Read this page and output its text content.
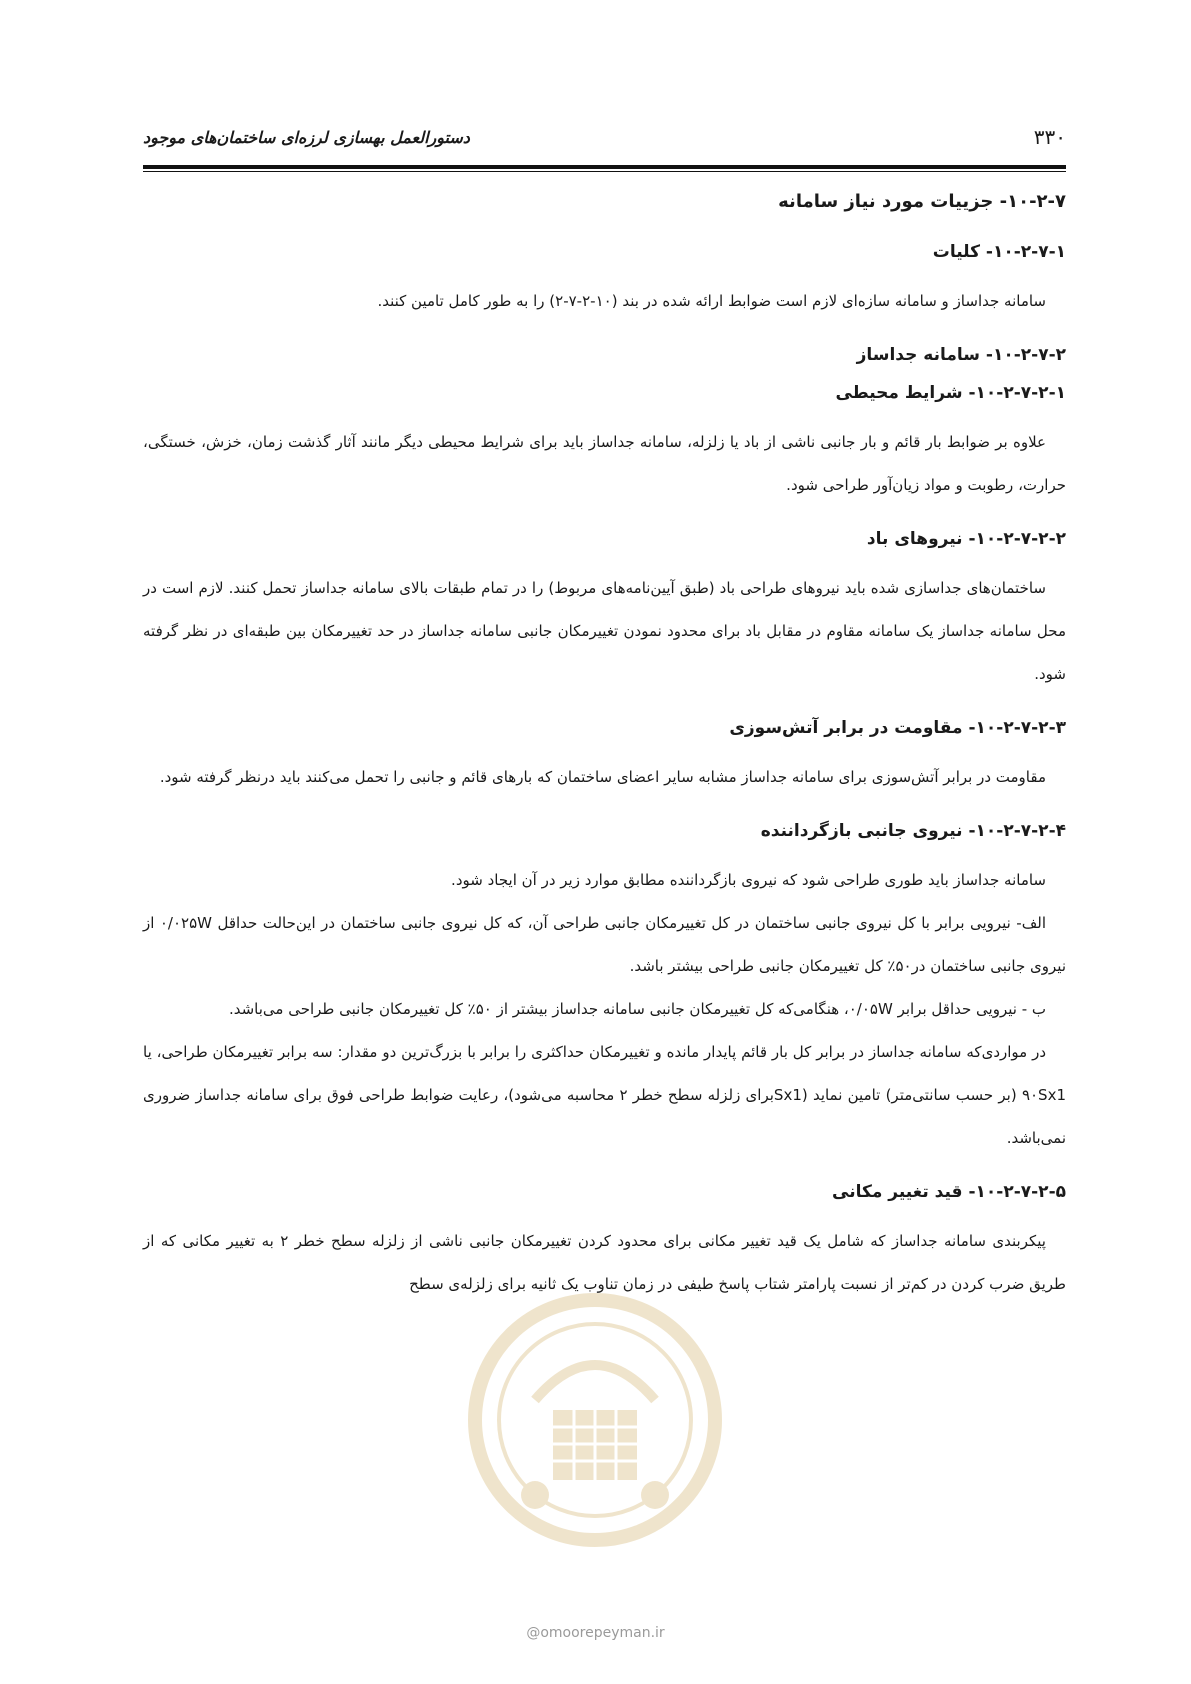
۳۳۰
دستورالعمل بهسازی لرزه‌ای ساختمان‌های موجود
۱۰-۲-۷- جزییات مورد نیاز سامانه
۱۰-۲-۷-۱- کلیات

سامانه جداساز و سامانه سازه‌ای لازم است ضوابط ارائه شده در بند (۱۰-۲-۷-۲) را به طور کامل تامین کنند.

۱۰-۲-۷-۲- سامانه جداساز
۱۰-۲-۷-۲-۱- شرایط محیطی

علاوه بر ضوابط بار قائم و بار جانبی ناشی از باد یا زلزله، سامانه جداساز باید برای شرایط محیطی دیگر مانند آثار گذشت زمان، خزش، خستگی، حرارت، رطوبت و مواد زیان‌آور طراحی شود.

۱۰-۲-۷-۲-۲- نیروهای باد

ساختمان‌های جداسازی شده باید نیروهای طراحی باد (طبق آیین‌نامه‌های مربوط) را در تمام طبقات بالای سامانه جداساز تحمل کنند. لازم است در محل سامانه جداساز یک سامانه مقاوم در مقابل باد برای محدود نمودن تغییرمکان جانبی سامانه جداساز در حد تغییرمکان بین طبقه‌ای در نظر گرفته شود.

۱۰-۲-۷-۲-۳- مقاومت در برابر آتش‌سوزی

مقاومت در برابر آتش‌سوزی برای سامانه جداساز مشابه سایر اعضای ساختمان که بارهای قائم و جانبی را تحمل می‌کنند باید درنظر گرفته شود.

۱۰-۲-۷-۲-۴- نیروی جانبی بازگرداننده

سامانه جداساز باید طوری طراحی شود که نیروی بازگرداننده مطابق موارد زیر در آن ایجاد شود.

الف- نیرویی برابر با کل نیروی جانبی ساختمان در کل تغییرمکان جانبی طراحی آن، که کل نیروی جانبی ساختمان در این‌حالت حداقل ۰/۰۲۵W از نیروی جانبی ساختمان در۵۰٪ کل تغییرمکان جانبی طراحی بیشتر باشد.

ب - نیرویی حداقل برابر ۰/۰۵W، هنگامی‌که کل تغییرمکان جانبی سامانه جداساز بیشتر از ۵۰٪ کل تغییرمکان جانبی طراحی می‌باشد.

در مواردی‌که سامانه جداساز در برابر کل بار قائم پایدار مانده و تغییرمکان حداکثری را برابر با بزرگ‌ترین دو مقدار: سه برابر تغییرمکان طراحی، یا ۹۰Sx1 (بر حسب سانتی‌متر) تامین نماید (Sx1برای زلزله سطح خطر ۲ محاسبه می‌شود)، رعایت ضوابط طراحی فوق برای سامانه جداساز ضروری نمی‌باشد.

۱۰-۲-۷-۲-۵- قید تغییر مکانی

پیکربندی سامانه جداساز که شامل یک قید تغییر مکانی برای محدود کردن تغییرمکان جانبی ناشی از زلزله سطح خطر ۲ به تغییر مکانی که از طریق ضرب کردن در کم‌تر از نسبت پارامتر شتاب پاسخ طیفی در زمان تناوب یک ثانیه برای زلزله‌ی سطح

@omoorepeyman.ir
